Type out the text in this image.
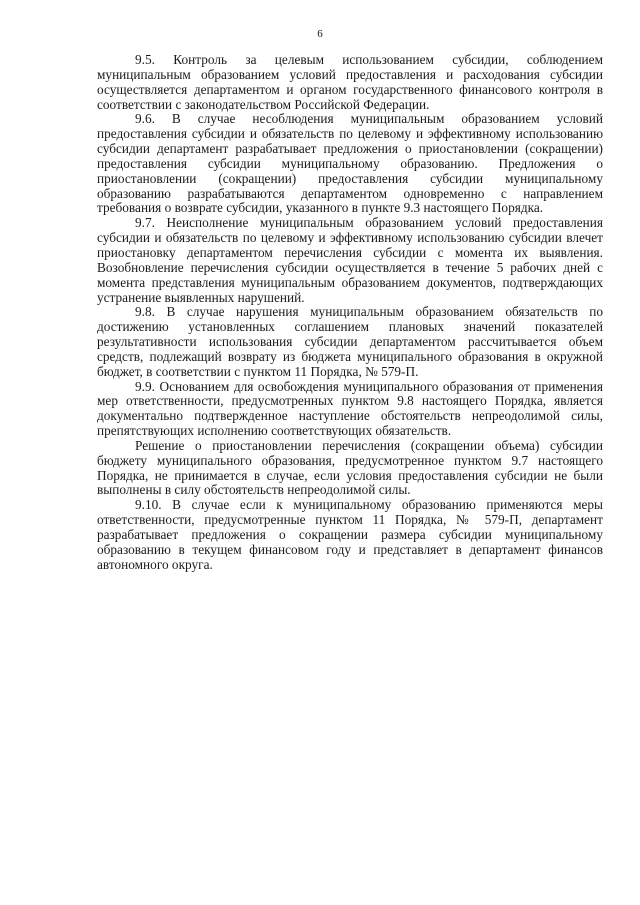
6

9.5. Контроль за целевым использованием субсидии, соблюдением муниципальным образованием условий предоставления и расходования субсидии осуществляется департаментом и органом государственного финансового контроля в соответствии с законодательством Российской Федерации.

9.6. В случае несоблюдения муниципальным образованием условий предоставления субсидии и обязательств по целевому и эффективному использованию субсидии департамент разрабатывает предложения о приостановлении (сокращении) предоставления субсидии муниципальному образованию. Предложения о приостановлении (сокращении) предоставления субсидии муниципальному образованию разрабатываются департаментом одновременно с направлением требования о возврате субсидии, указанного в пункте 9.3 настоящего Порядка.

9.7. Неисполнение муниципальным образованием условий предоставления субсидии и обязательств по целевому и эффективному использованию субсидии влечет приостановку департаментом перечисления субсидии с момента их выявления. Возобновление перечисления субсидии осуществляется в течение 5 рабочих дней с момента представления муниципальным образованием документов, подтверждающих устранение выявленных нарушений.

9.8. В случае нарушения муниципальным образованием обязательств по достижению установленных соглашением плановых значений показателей результативности использования субсидии департаментом рассчитывается объем средств, подлежащий возврату из бюджета муниципального образования в окружной бюджет, в соответствии с пунктом 11 Порядка, № 579-П.

9.9. Основанием для освобождения муниципального образования от применения мер ответственности, предусмотренных пунктом 9.8 настоящего Порядка, является документально подтвержденное наступление обстоятельств непреодолимой силы, препятствующих исполнению соответствующих обязательств.

Решение о приостановлении перечисления (сокращении объема) субсидии бюджету муниципального образования, предусмотренное пунктом 9.7 настоящего Порядка, не принимается в случае, если условия предоставления субсидии не были выполнены в силу обстоятельств непреодолимой силы.

9.10. В случае если к муниципальному образованию применяются меры ответственности, предусмотренные пунктом 11 Порядка, № 579-П, департамент разрабатывает предложения о сокращении размера субсидии муниципальному образованию в текущем финансовом году и представляет в департамент финансов автономного округа.
